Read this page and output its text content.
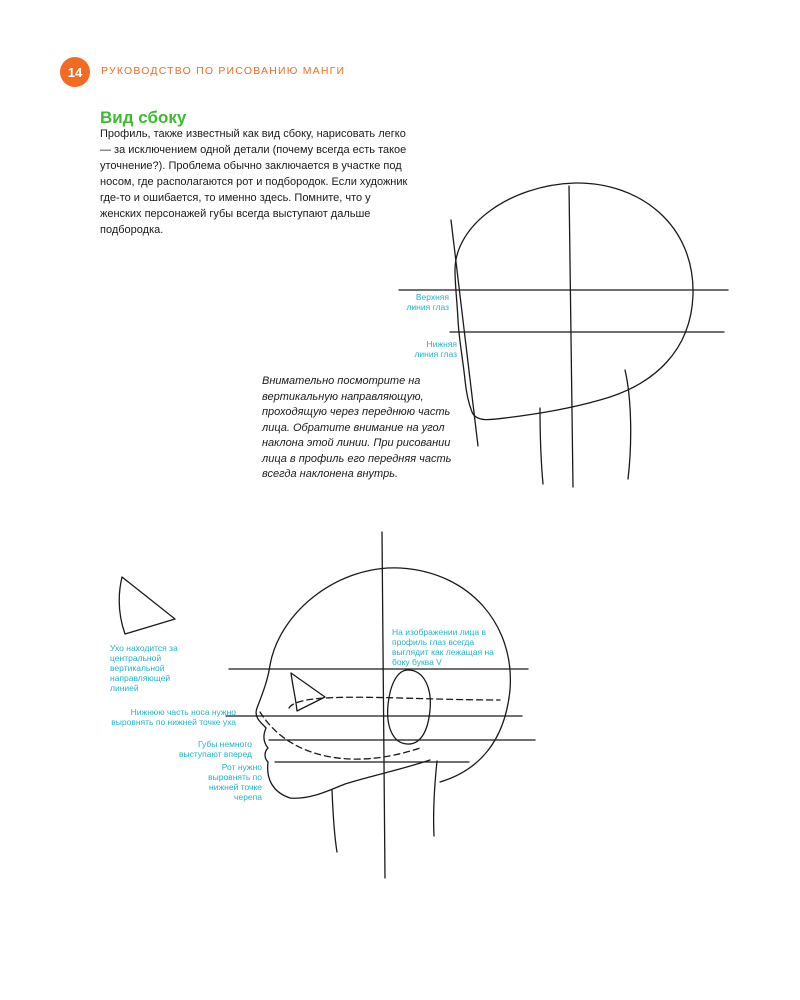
14	РУКОВОДСТВО ПО РИСОВАНИЮ МАНГИ
Вид сбоку

Профиль, также известный как вид сбоку, нарисовать легко — за исключением одной детали (почему всегда есть такое уточнение?). Проблема обычно заключается в участке под носом, где располагаются рот и подбородок. Если художник где-то и ошибается, то именно здесь. Помните, что у женских персонажей губы всегда выступают дальше подбородка.

Верхняя линия глаз
Нижняя линия глаз

Внимательно посмотрите на вертикальную направляющую, проходящую через переднюю часть лица. Обратите внимание на угол наклона этой линии. При рисовании лица в профиль его передняя часть всегда наклонена внутрь.

Ухо находится за центральной вертикальной направляющей линией
На изображении лица в профиль глаз всегда выглядит как лежащая на боку буква V
Нижнюю часть носа нужно выровнять по нижней точке уха
Губы немного выступают вперед
Рот нужно выровнять по нижней точке черепа
